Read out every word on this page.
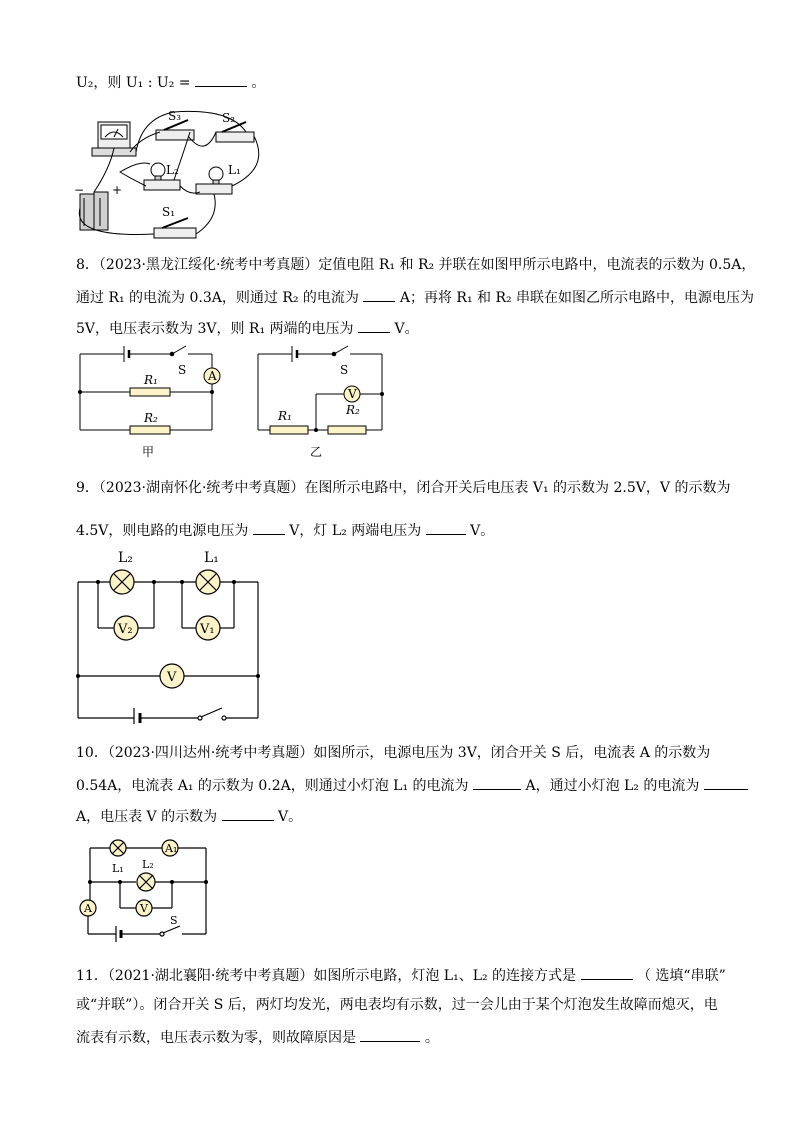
U₂，则 U₁ : U₂ =	。
S₃	S₂
L₂	L₁
S₁
+
−
8．（2023·黑龙江绥化·统考中考真题）定值电阻 R₁ 和 R₂ 并联在如图甲所示电路中，电流表的示数为 0.5A，
通过 R₁ 的电流为 0.3A，则通过 R₂ 的电流为	A；再将 R₁ 和 R₂ 串联在如图乙所示电路中，电源电压为
5V，电压表示数为 3V，则 R₁ 两端的电压为	V。
S A
R₁
R₂
甲
S
V
R₁	R₂
乙
9．（2023·湖南怀化·统考中考真题）在图所示电路中，闭合开关后电压表 V₁ 的示数为 2.5V，V 的示数为
4.5V，则电路的电源电压为	V，灯 L₂ 两端电压为	V。
L₂	L₁
V₂	V₁
V
10．（2023·四川达州·统考中考真题）如图所示，电源电压为 3V，闭合开关 S 后，电流表 A 的示数为
0.54A，电流表 A₁ 的示数为 0.2A，则通过小灯泡 L₁ 的电流为	A，通过小灯泡 L₂ 的电流为
A，电压表 V 的示数为	V。
A₁
L₁ L₂
A	V
S
11．（2021·湖北襄阳·统考中考真题）如图所示电路，灯泡 L₁、L₂ 的连接方式是	（ 选填“串联”
或“并联”）。闭合开关 S 后，两灯均发光，两电表均有示数，过一会儿由于某个灯泡发生故障而熄灭，电
流表有示数，电压表示数为零，则故障原因是	。
